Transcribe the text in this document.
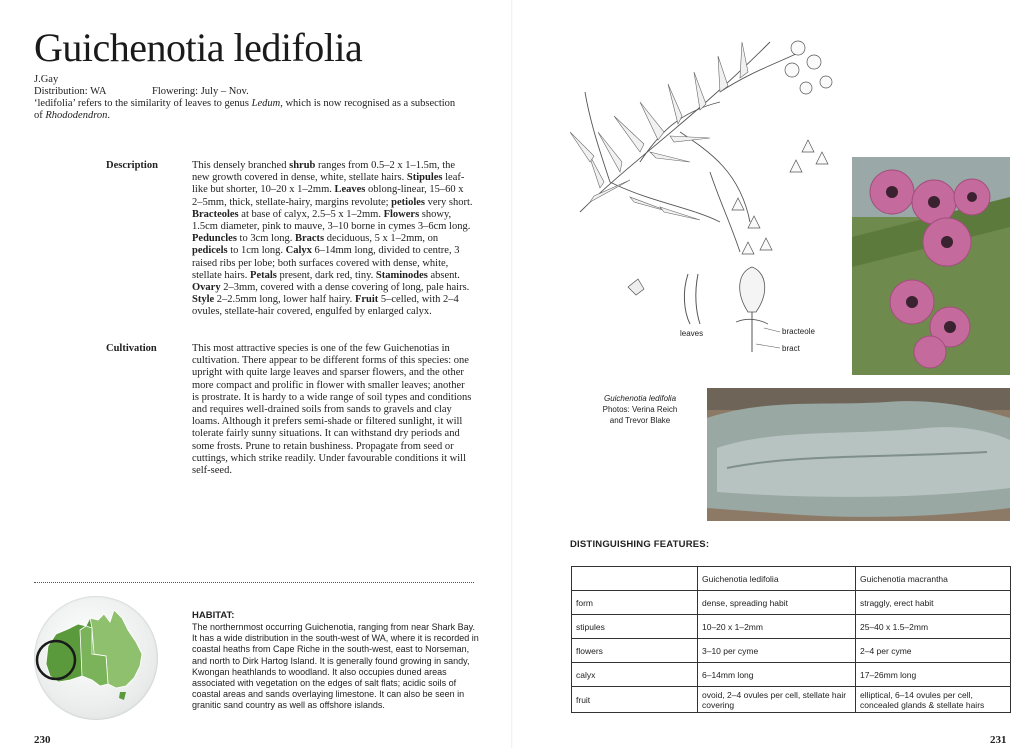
Guichenotia ledifolia
J.Gay
Distribution: WA	Flowering: July – Nov.
‘ledifolia’ refers to the similarity of leaves to genus Ledum, which is now recognised as a subsection
of Rhododendron.
Description	This densely branched shrub ranges from 0.5–2 x 1–1.5m, the new growth covered in dense, white, stellate hairs. Stipules leaf-like but shorter, 10–20 x 1–2mm. Leaves oblong-linear, 15–60 x 2–5mm, thick, stellate-hairy, margins revolute; petioles very short. Bracteoles at base of calyx, 2.5–5 x 1–2mm. Flowers showy, 1.5cm diameter, pink to mauve, 3–10 borne in cymes 3–6cm long. Peduncles to 3cm long. Bracts deciduous, 5 x 1–2mm, on pedicels to 1cm long. Calyx 6–14mm long, divided to centre, 3 raised ribs per lobe; both surfaces covered with dense, white, stellate hairs. Petals present, dark red, tiny. Staminodes absent. Ovary 2–3mm, covered with a dense covering of long, pale hairs. Style 2–2.5mm long, lower half hairy. Fruit 5–celled, with 2–4 ovules, stellate-hair covered, engulfed by enlarged calyx.
Cultivation	This most attractive species is one of the few Guichenotias in cultivation. There appear to be different forms of this species: one upright with quite large leaves and sparser flowers, and the other more compact and prolific in flower with smaller leaves; another is prostrate. It is hardy to a wide range of soil types and conditions and requires well-drained soils from sands to gravels and clay loams. Although it prefers semi-shade or filtered sunlight, it will tolerate fairly sunny situations. It can withstand dry periods and some frosts. Prune to retain bushiness. Propagate from seed or cuttings, which strike readily. Under favourable conditions it will self-seed.
HABITAT:
The northernmost occurring Guichenotia, ranging from near Shark Bay. It has a wide distribution in the south-west of WA, where it is recorded in coastal heaths from Cape Riche in the south-west, east to Norseman, and north to Dirk Hartog Island. It is generally found growing in sandy, Kwongan heathlands to woodland. It also occupies duned areas associated with vegetation on the edges of salt flats; acidic soils of coastal areas and sands overlaying limestone. It can also be seen in granitic sand country as well as offshore islands.
230
leaves	bracteole
bract
Guichenotia ledifolia
Photos: Verina Reich
and Trevor Blake
DISTINGUISHING FEATURES:
	Guichenotia ledifolia	Guichenotia macrantha
form	dense, spreading habit	straggly, erect habit
stipules	10–20 x 1–2mm	25–40 x 1.5–2mm
flowers	3–10 per cyme	2–4 per cyme
calyx	6–14mm long	17–26mm long
fruit	ovoid, 2–4 ovules per cell, stellate hair covering	elliptical, 6–14 ovules per cell, concealed glands & stellate hairs
231
